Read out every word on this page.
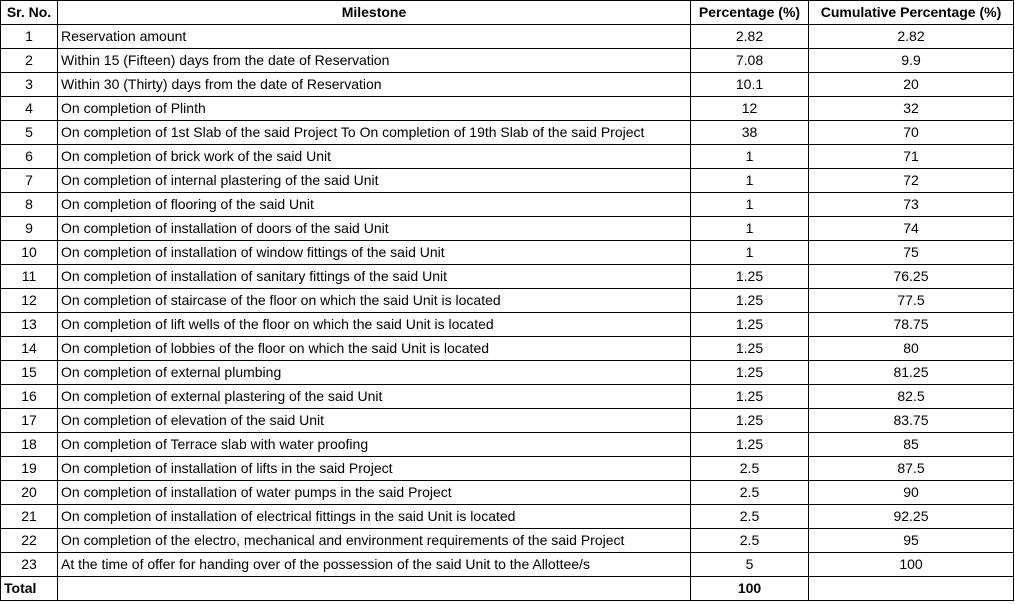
Sr. No.	Milestone	Percentage (%)	Cumulative Percentage (%)
1	Reservation amount	2.82	2.82
2	Within 15 (Fifteen) days from the date of Reservation	7.08	9.9
3	Within 30 (Thirty) days from the date of Reservation	10.1	20
4	On completion of Plinth	12	32
5	On completion of 1st Slab of the said Project To On completion of 19th Slab of the said Project	38	70
6	On completion of brick work of the said Unit	1	71
7	On completion of internal plastering of the said Unit	1	72
8	On completion of flooring of the said Unit	1	73
9	On completion of installation of doors of the said Unit	1	74
10	On completion of installation of window fittings of the said Unit	1	75
11	On completion of installation of sanitary fittings of the said Unit	1.25	76.25
12	On completion of staircase of the floor on which the said Unit is located	1.25	77.5
13	On completion of lift wells of the floor on which the said Unit is located	1.25	78.75
14	On completion of lobbies of the floor on which the said Unit is located	1.25	80
15	On completion of external plumbing	1.25	81.25
16	On completion of external plastering of the said Unit	1.25	82.5
17	On completion of elevation of the said Unit	1.25	83.75
18	On completion of Terrace slab with water proofing	1.25	85
19	On completion of installation of lifts in the said Project	2.5	87.5
20	On completion of installation of water pumps in the said Project	2.5	90
21	On completion of installation of electrical fittings in the said Unit is located	2.5	92.25
22	On completion of the electro, mechanical and environment requirements of the said Project	2.5	95
23	At the time of offer for handing over of the possession of the said Unit to the Allottee/s	5	100
Total		100	
